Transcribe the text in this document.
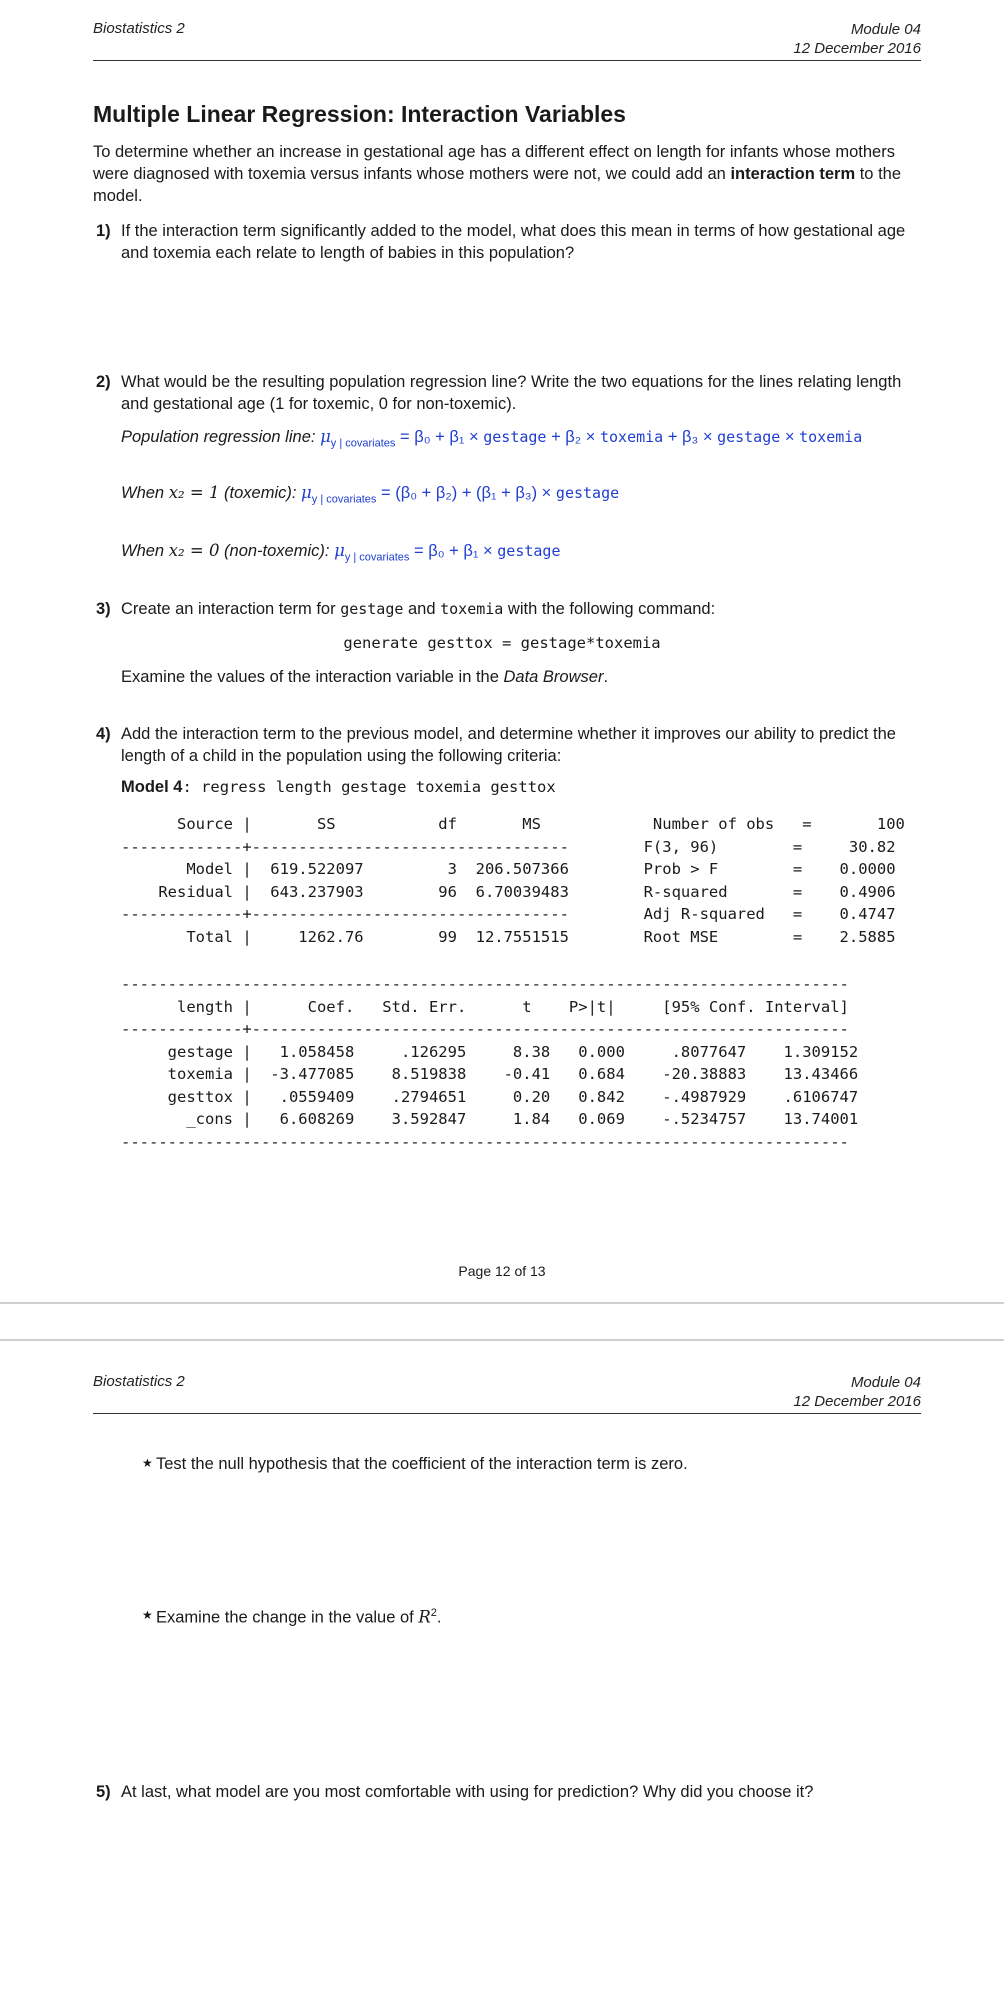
Biostatistics 2	Module 04
12 December 2016
Multiple Linear Regression: Interaction Variables
To determine whether an increase in gestational age has a different effect on length for infants whose mothers were diagnosed with toxemia versus infants whose mothers were not, we could add an interaction term to the model.
1) If the interaction term significantly added to the model, what does this mean in terms of how gestational age and toxemia each relate to length of babies in this population?
2) What would be the resulting population regression line? Write the two equations for the lines relating length and gestational age (1 for toxemic, 0 for non-toxemic).
Population regression line: $\mu_{y | covariates} = \beta_0 + \beta_1$ × gestage + β₂ × toxemia + β₃ × gestage × toxemia
When x₂ = 1 (toxemic): $\mu_{y | covariates} = (\beta_0 + \beta_2) + (\beta_1 + \beta_3)$ × gestage
When x₂ = 0 (non-toxemic): $\mu_{y | covariates} = \beta_0 + \beta_1$ × gestage
3) Create an interaction term for gestage and toxemia with the following command:
generate gesttox = gestage*toxemia
Examine the values of the interaction variable in the Data Browser.
4) Add the interaction term to the previous model, and determine whether it improves our ability to predict the length of a child in the population using the following criteria:
Model 4: regress length gestage toxemia gesttox
Source |       SS           df       MS            Number of obs   =       100
-------------+----------------------------------        F(3, 96)        =     30.82
Model |  619.522097         3  206.507366        Prob > F        =    0.0000
Residual |  643.237903        96  6.70039483        R-squared       =    0.4906
-------------+----------------------------------        Adj R-squared   =    0.4747
Total |     1262.76        99  12.7551515        Root MSE        =    2.5885
------------------------------------------------------------------------------
length |      Coef.   Std. Err.      t    P>|t|     [95% Conf. Interval]
-------------+----------------------------------------------------------------
gestage |   1.058458     .126295     8.38   0.000     .8077647    1.309152
toxemia |  -3.477085    8.519838    -0.41   0.684    -20.38883    13.43466
gesttox |   .0559409    .2794651     0.20   0.842    -.4987929    .6106747
_cons |   6.608269    3.592847     1.84   0.069    -.5234757    13.74001
------------------------------------------------------------------------------
Page 12 of 13
Biostatistics 2	Module 04
12 December 2016
★ Test the null hypothesis that the coefficient of the interaction term is zero.
★ Examine the change in the value of $R^2$.
5) At last, what model are you most comfortable with using for prediction? Why did you choose it?
